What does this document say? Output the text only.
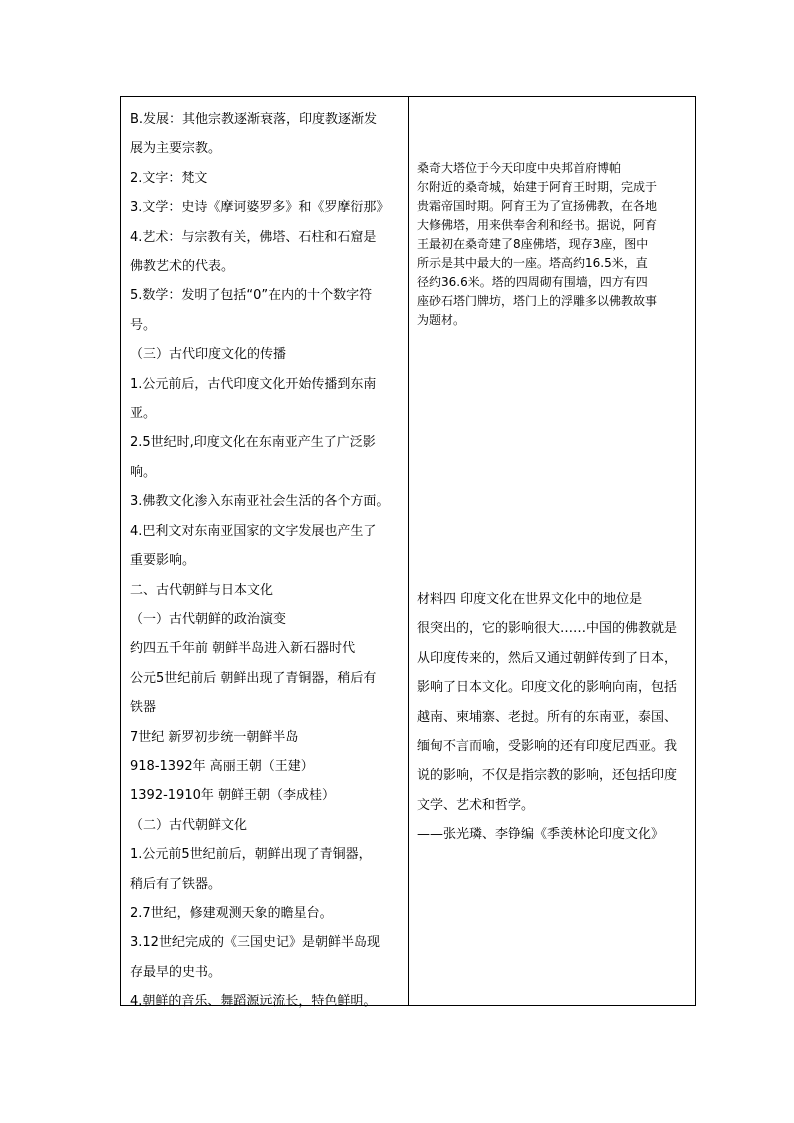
B.发展：其他宗教逐渐衰落，印度教逐渐发
展为主要宗教。
2.文字：梵文
3.文学：史诗《摩诃婆罗多》和《罗摩衍那》
4.艺术：与宗教有关，佛塔、石柱和石窟是
佛教艺术的代表。
5.数学：发明了包括“0”在内的十个数字符
号。
（三）古代印度文化的传播
1.公元前后，古代印度文化开始传播到东南
亚。
2.5世纪时,印度文化在东南亚产生了广泛影
响。
3.佛教文化渗入东南亚社会生活的各个方面。
4.巴利文对东南亚国家的文字发展也产生了
重要影响。
二、古代朝鲜与日本文化
（一）古代朝鲜的政治演变
约四五千年前 朝鲜半岛进入新石器时代
公元5世纪前后 朝鲜出现了青铜器，稍后有
铁器
7世纪 新罗初步统一朝鲜半岛
918-1392年 高丽王朝（王建）
1392-1910年 朝鲜王朝（李成桂）
（二）古代朝鲜文化
1.公元前5世纪前后，朝鲜出现了青铜器，
稍后有了铁器。
2.7世纪，修建观测天象的瞻星台。
3.12世纪完成的《三国史记》是朝鲜半岛现
存最早的史书。
4.朝鲜的音乐、舞蹈源远流长，特色鲜明。
桑奇大塔位于今天印度中央邦首府博帕
尔附近的桑奇城，始建于阿育王时期，完成于
贵霜帝国时期。阿育王为了宣扬佛教，在各地
大修佛塔，用来供奉舍利和经书。据说，阿育
王最初在桑奇建了8座佛塔，现存3座，图中
所示是其中最大的一座。塔高约16.5米，直
径约36.6米。塔的四周砌有围墙，四方有四
座砂石塔门牌坊，塔门上的浮雕多以佛教故事
为题材。
材料四 印度文化在世界文化中的地位是
很突出的，它的影响很大……中国的佛教就是
从印度传来的，然后又通过朝鲜传到了日本，
影响了日本文化。印度文化的影响向南，包括
越南、柬埔寨、老挝。所有的东南亚，泰国、
缅甸不言而喻，受影响的还有印度尼西亚。我
说的影响，不仅是指宗教的影响，还包括印度
文学、艺术和哲学。
——张光璘、李铮编《季羡林论印度文化》
